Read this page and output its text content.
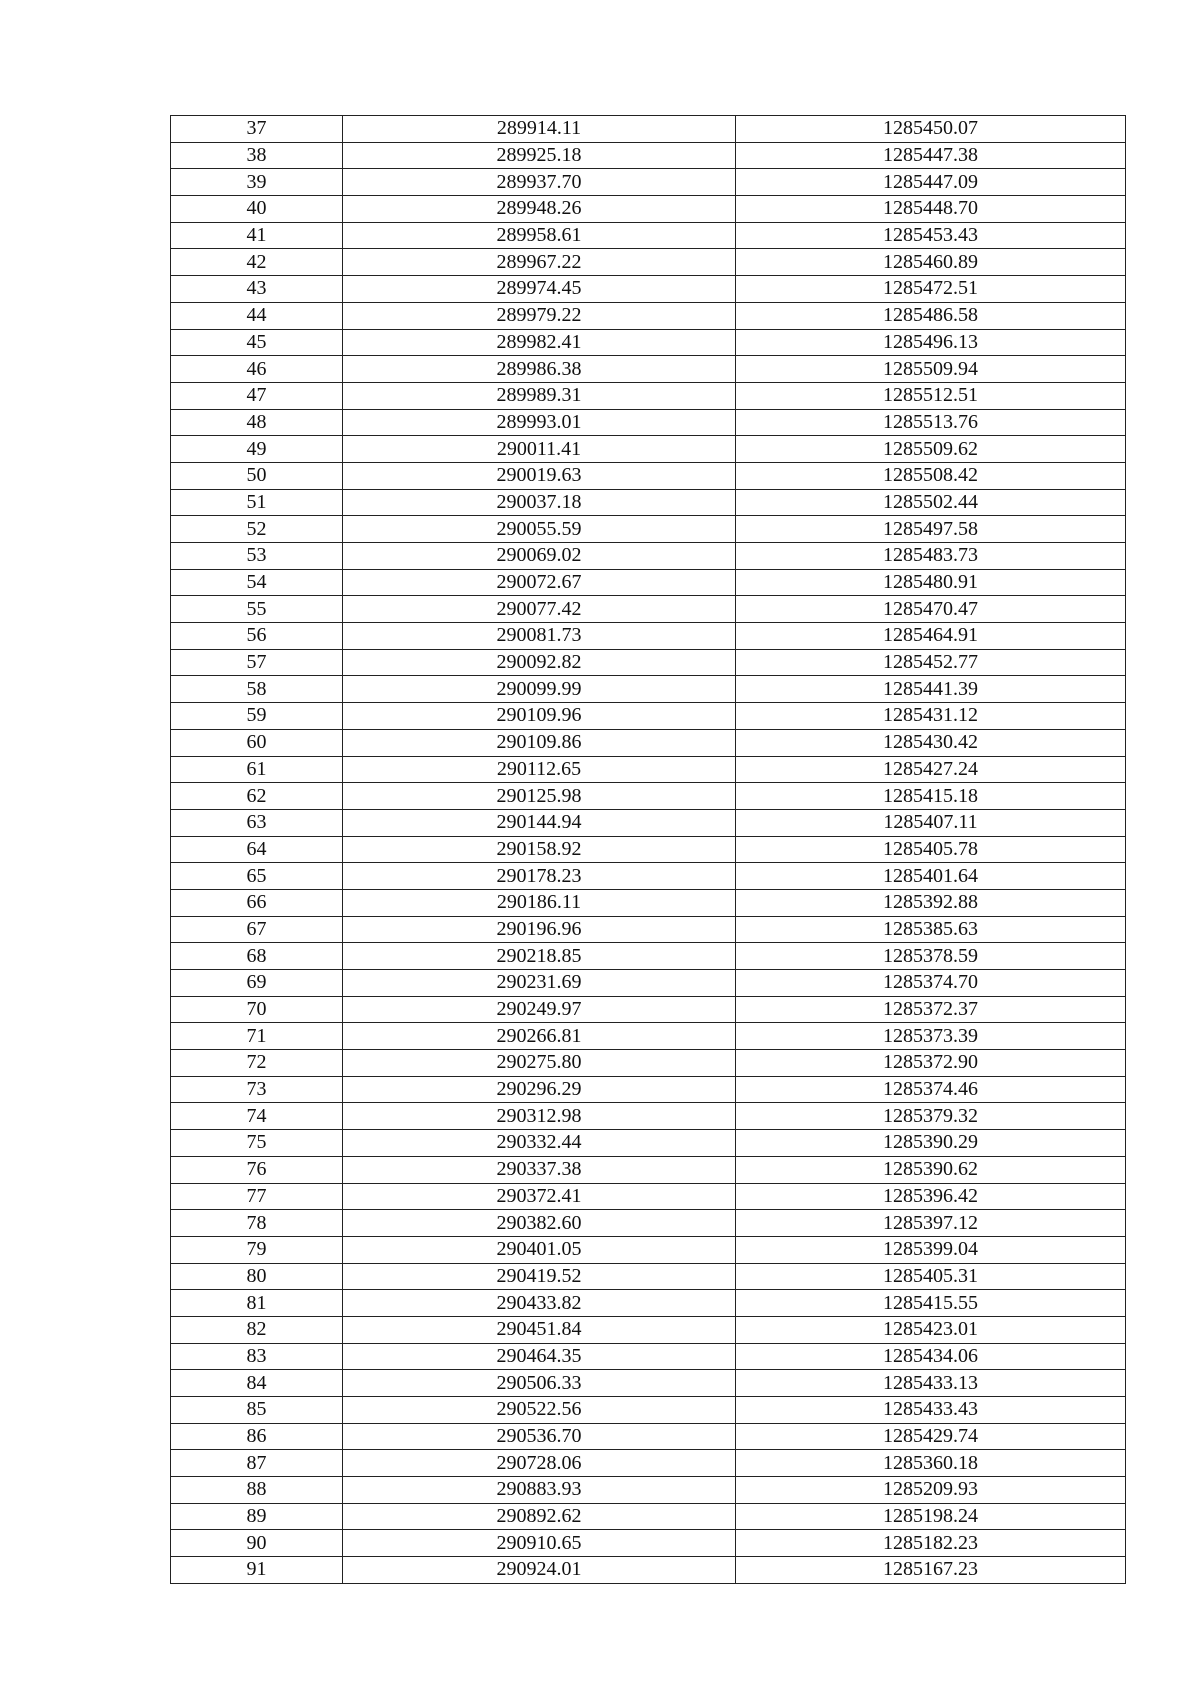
37	289914.11	1285450.07
38	289925.18	1285447.38
39	289937.70	1285447.09
40	289948.26	1285448.70
41	289958.61	1285453.43
42	289967.22	1285460.89
43	289974.45	1285472.51
44	289979.22	1285486.58
45	289982.41	1285496.13
46	289986.38	1285509.94
47	289989.31	1285512.51
48	289993.01	1285513.76
49	290011.41	1285509.62
50	290019.63	1285508.42
51	290037.18	1285502.44
52	290055.59	1285497.58
53	290069.02	1285483.73
54	290072.67	1285480.91
55	290077.42	1285470.47
56	290081.73	1285464.91
57	290092.82	1285452.77
58	290099.99	1285441.39
59	290109.96	1285431.12
60	290109.86	1285430.42
61	290112.65	1285427.24
62	290125.98	1285415.18
63	290144.94	1285407.11
64	290158.92	1285405.78
65	290178.23	1285401.64
66	290186.11	1285392.88
67	290196.96	1285385.63
68	290218.85	1285378.59
69	290231.69	1285374.70
70	290249.97	1285372.37
71	290266.81	1285373.39
72	290275.80	1285372.90
73	290296.29	1285374.46
74	290312.98	1285379.32
75	290332.44	1285390.29
76	290337.38	1285390.62
77	290372.41	1285396.42
78	290382.60	1285397.12
79	290401.05	1285399.04
80	290419.52	1285405.31
81	290433.82	1285415.55
82	290451.84	1285423.01
83	290464.35	1285434.06
84	290506.33	1285433.13
85	290522.56	1285433.43
86	290536.70	1285429.74
87	290728.06	1285360.18
88	290883.93	1285209.93
89	290892.62	1285198.24
90	290910.65	1285182.23
91	290924.01	1285167.23
